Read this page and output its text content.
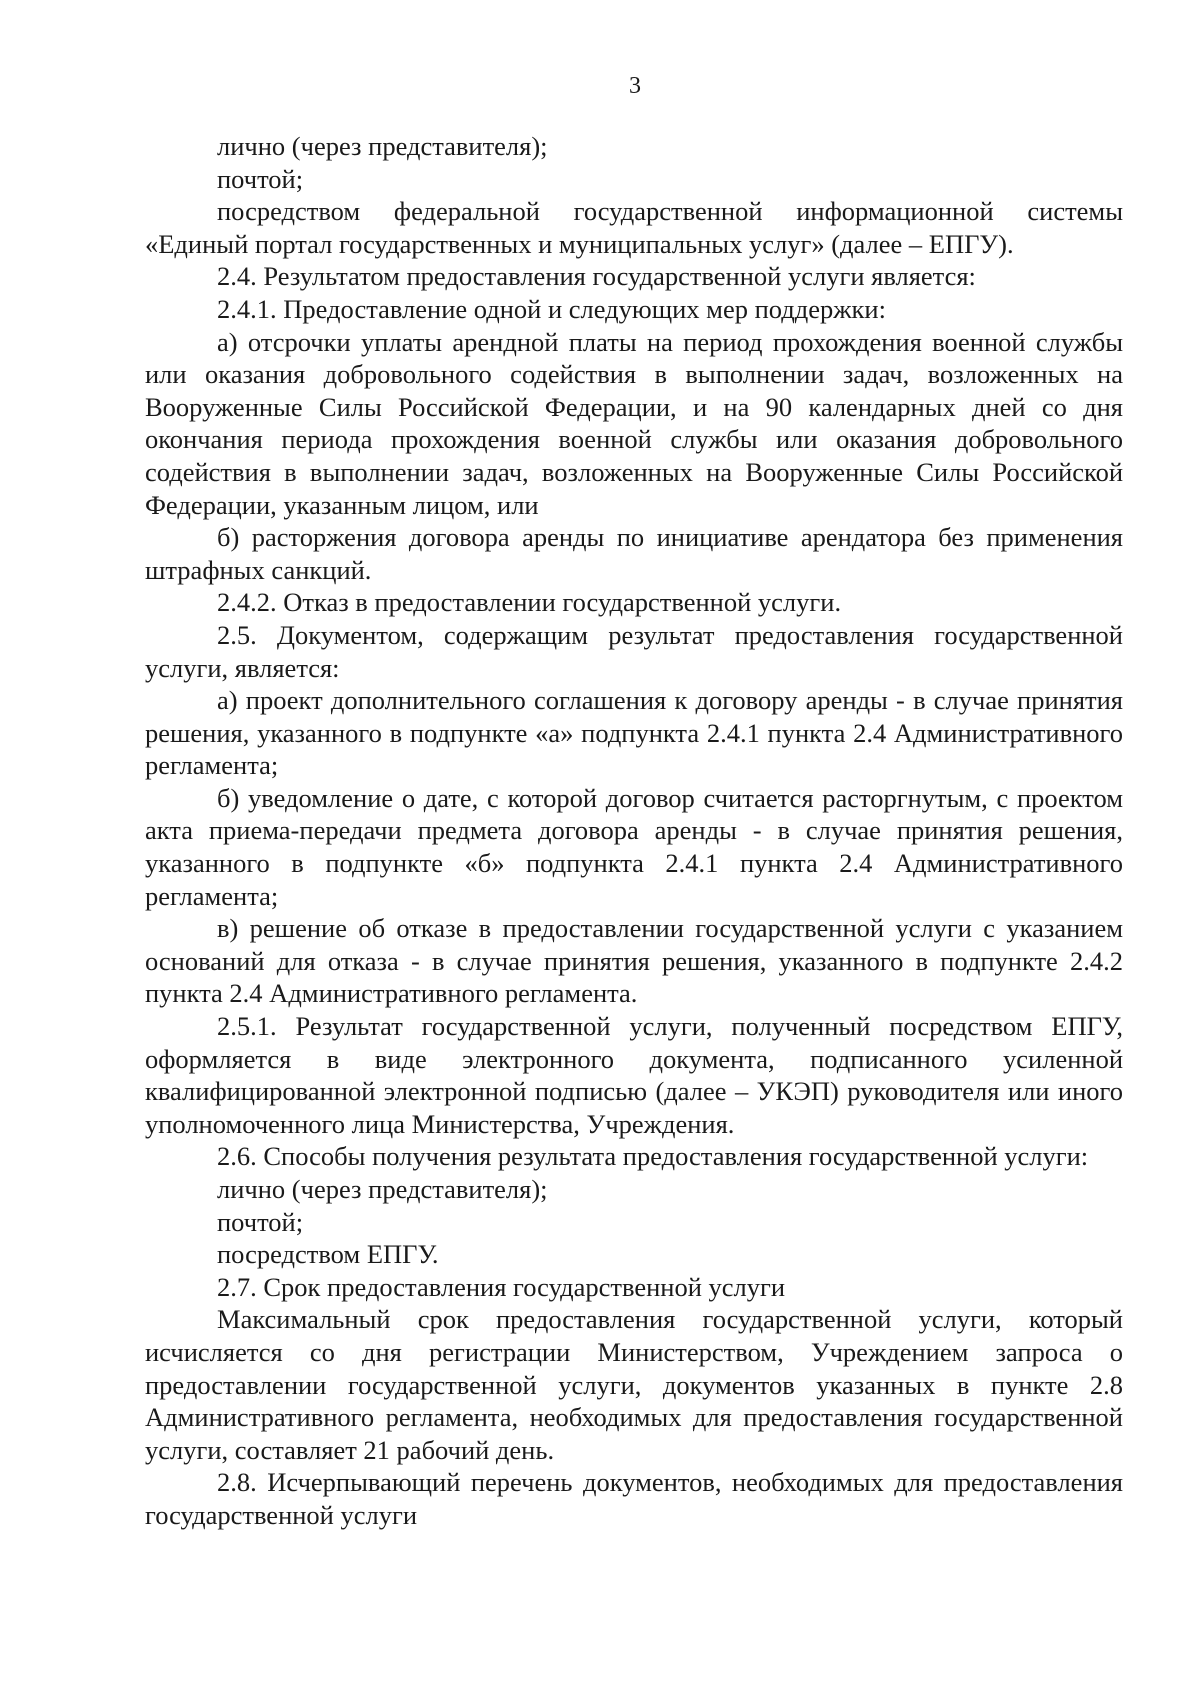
3

лично (через представителя);

почтой;

посредством федеральной государственной информационной системы «Единый портал государственных и муниципальных услуг» (далее – ЕПГУ).

2.4. Результатом предоставления государственной услуги является:

2.4.1. Предоставление одной и следующих мер поддержки:

а) отсрочки уплаты арендной платы на период прохождения военной службы или оказания добровольного содействия в выполнении задач, возложенных на Вооруженные Силы Российской Федерации, и на 90 календарных дней со дня окончания периода прохождения военной службы или оказания добровольного содействия в выполнении задач, возложенных на Вооруженные Силы Российской Федерации, указанным лицом, или

б) расторжения договора аренды по инициативе арендатора без применения штрафных санкций.

2.4.2. Отказ в предоставлении государственной услуги.

2.5. Документом, содержащим результат предоставления государственной услуги, является:

а) проект дополнительного соглашения к договору аренды - в случае принятия решения, указанного в подпункте «а» подпункта 2.4.1 пункта 2.4 Административного регламента;

б) уведомление о дате, с которой договор считается расторгнутым, с проектом акта приема-передачи предмета договора аренды - в случае принятия решения, указанного в подпункте «б» подпункта 2.4.1 пункта 2.4 Административного регламента;

в) решение об отказе в предоставлении государственной услуги с указанием оснований для отказа - в случае принятия решения, указанного в подпункте 2.4.2 пункта 2.4 Административного регламента.

2.5.1. Результат государственной услуги, полученный посредством ЕПГУ, оформляется в виде электронного документа, подписанного усиленной квалифицированной электронной подписью (далее – УКЭП) руководителя или иного уполномоченного лица Министерства, Учреждения.

2.6. Способы получения результата предоставления государственной услуги:

лично (через представителя);

почтой;

посредством ЕПГУ.

2.7. Срок предоставления государственной услуги

Максимальный срок предоставления государственной услуги, который исчисляется со дня регистрации Министерством, Учреждением запроса о предоставлении государственной услуги, документов указанных в пункте 2.8 Административного регламента, необходимых для предоставления государственной услуги, составляет 21 рабочий день.

2.8. Исчерпывающий перечень документов, необходимых для предоставления государственной услуги
